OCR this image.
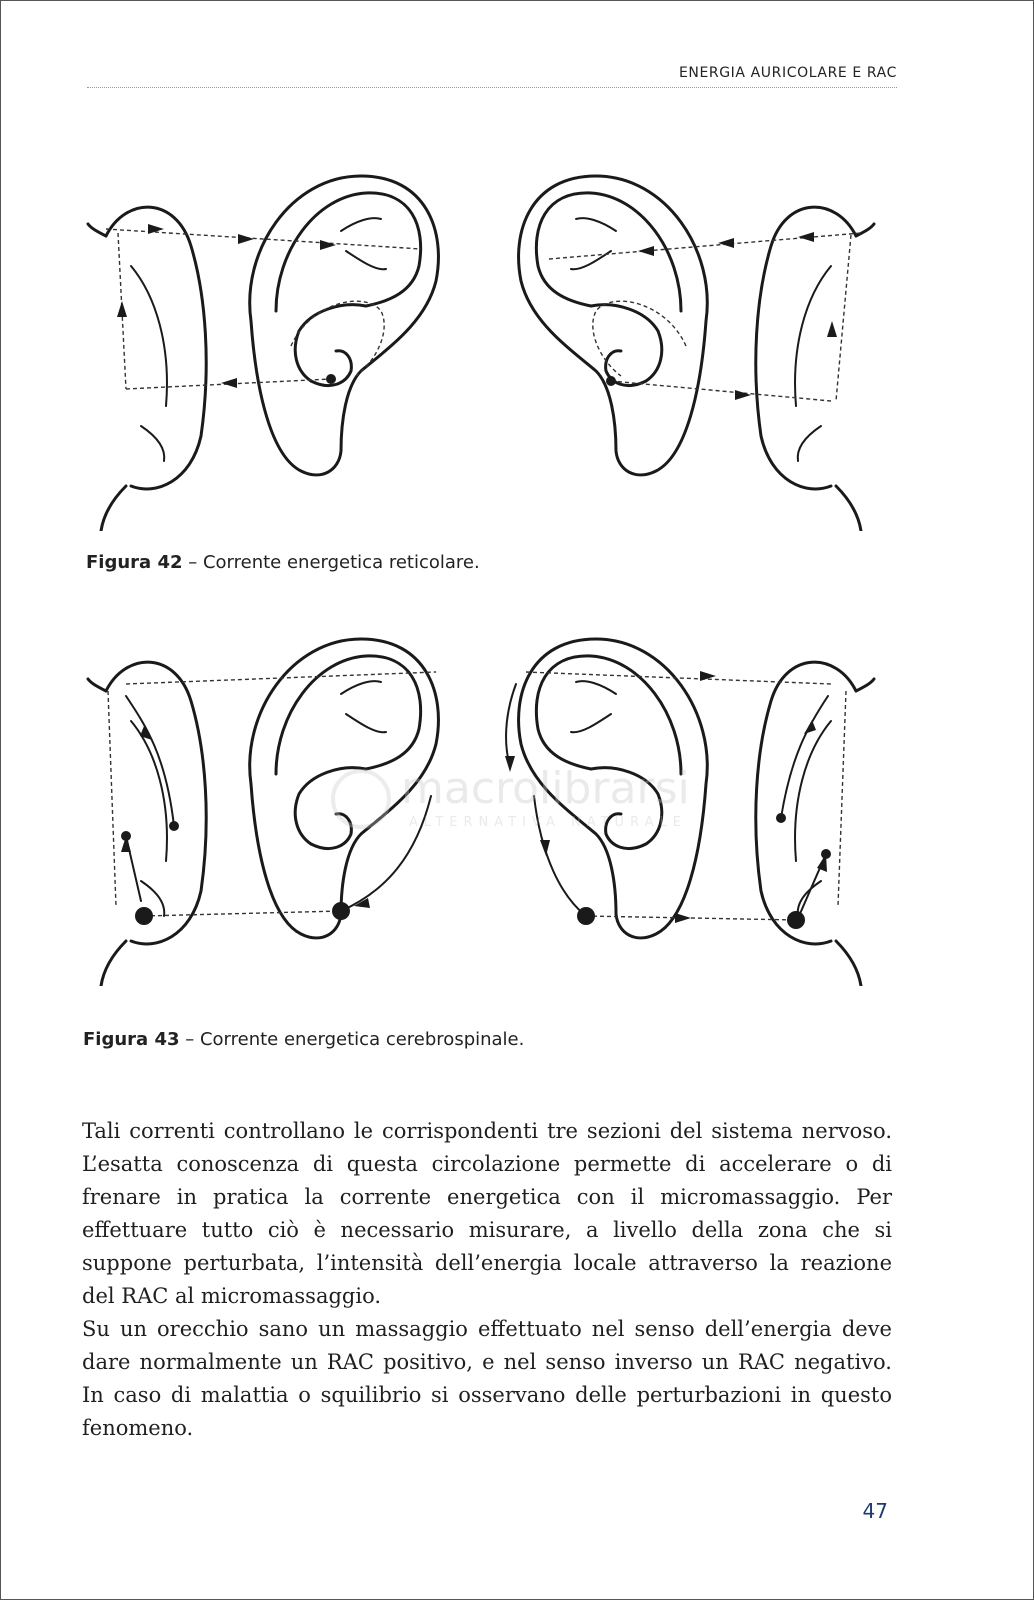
ENERGIA AURICOLARE E RAC
Figura 42 – Corrente energetica reticolare.
macrolibrarsi
ALTERNATIVA NATURALE
Figura 43 – Corrente energetica cerebrospinale.

Tali correnti controllano le corrispondenti tre sezioni del sistema nervoso. L’esatta conoscenza di questa circolazione permette di accelerare o di frenare in pratica la corrente energetica con il micromassaggio. Per effettuare tutto ciò è necessario misurare, a livello della zona che si suppone perturbata, l’intensità dell’energia locale attraverso la reazione del RAC al micromassaggio.

Su un orecchio sano un massaggio effettuato nel senso dell’energia deve dare normalmente un RAC positivo, e nel senso inverso un RAC negativo. In caso di malattia o squilibrio si osservano delle perturbazioni in questo fenomeno.

47
